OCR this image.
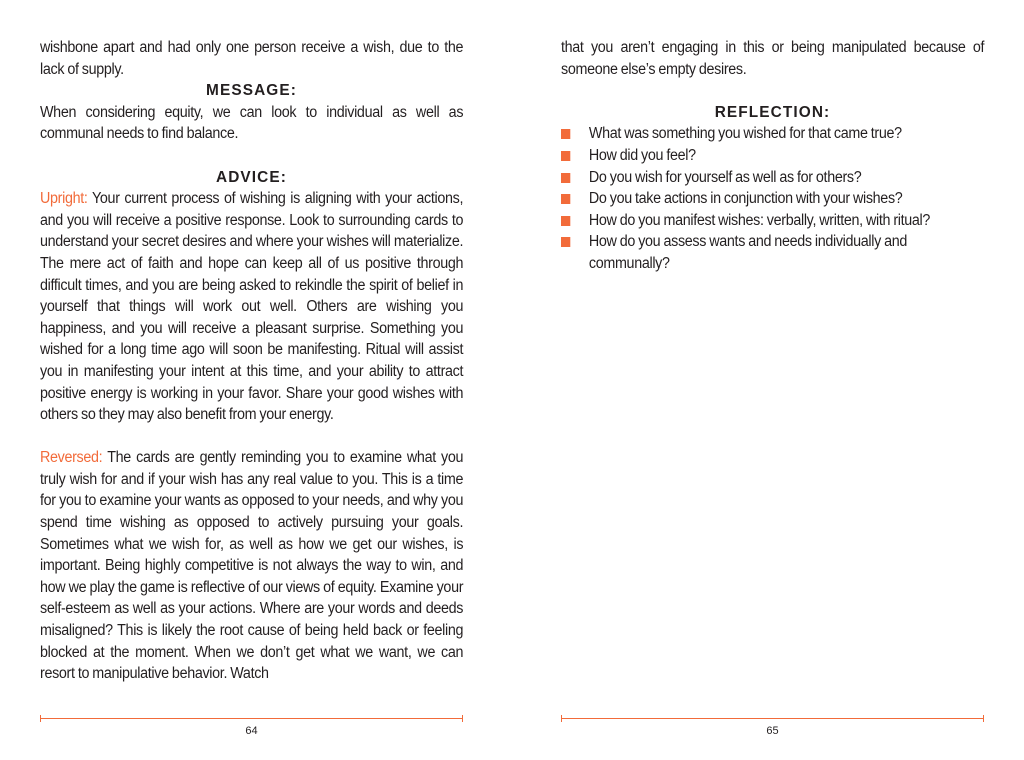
wishbone apart and had only one person receive a wish, due to the lack of supply.

MESSAGE:

When considering equity, we can look to individual as well as communal needs to find balance.

ADVICE:

Upright: Your current process of wishing is aligning with your actions, and you will receive a positive response. Look to surrounding cards to understand your secret desires and where your wishes will materialize. The mere act of faith and hope can keep all of us positive through difficult times, and you are being asked to rekindle the spirit of belief in yourself that things will work out well. Others are wishing you happiness, and you will receive a pleasant surprise. Something you wished for a long time ago will soon be manifesting. Ritual will assist you in manifesting your intent at this time, and your ability to attract positive energy is working in your favor. Share your good wishes with others so they may also benefit from your energy.

Reversed: The cards are gently reminding you to examine what you truly wish for and if your wish has any real value to you. This is a time for you to examine your wants as opposed to your needs, and why you spend time wishing as opposed to actively pursuing your goals. Sometimes what we wish for, as well as how we get our wishes, is important. Being highly competitive is not always the way to win, and how we play the game is reflective of our views of equity. Examine your self-esteem as well as your actions. Where are your words and deeds misaligned? This is likely the root cause of being held back or feeling blocked at the moment. When we don’t get what we want, we can resort to manipulative behavior. Watch

64

that you aren’t engaging in this or being manipulated because of someone else’s empty desires.

REFLECTION:
What was something you wished for that came true?
How did you feel?
Do you wish for yourself as well as for others?
Do you take actions in conjunction with your wishes?
How do you manifest wishes: verbally, written, with ritual?
How do you assess wants and needs individually and communally?
65
